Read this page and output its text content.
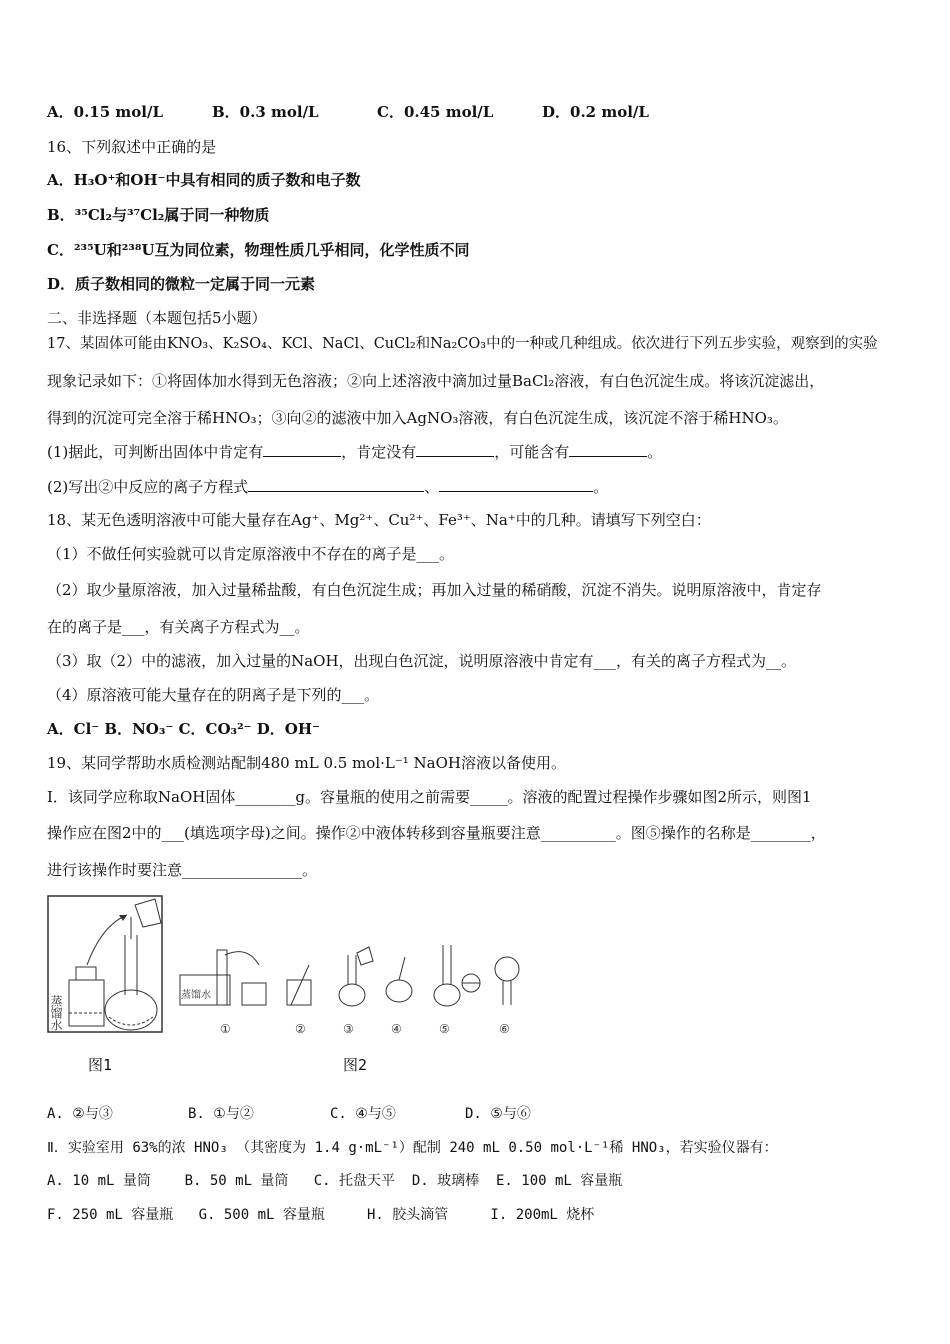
A．0.15 mol/L	B．0.3 mol/L	C．0.45 mol/L	D．0.2 mol/L
16、下列叙述中正确的是
A．H₃O⁺和OH⁻中具有相同的质子数和电子数
B．³⁵Cl₂与³⁷Cl₂属于同一种物质
C．²³⁵U和²³⁸U互为同位素，物理性质几乎相同，化学性质不同
D．质子数相同的微粒一定属于同一元素
二、非选择题（本题包括5小题）
17、某固体可能由KNO₃、K₂SO₄、KCl、NaCl、CuCl₂和Na₂CO₃中的一种或几种组成。依次进行下列五步实验，观察到的实验
现象记录如下：①将固体加水得到无色溶液；②向上述溶液中滴加过量BaCl₂溶液，有白色沉淀生成。将该沉淀滤出，
得到的沉淀可完全溶于稀HNO₃；③向②的滤液中加入AgNO₃溶液，有白色沉淀生成，该沉淀不溶于稀HNO₃。
(1)据此，可判断出固体中肯定有	，肯定没有	，可能含有	。
(2)写出②中反应的离子方程式	、	。
18、某无色透明溶液中可能大量存在Ag⁺、Mg²⁺、Cu²⁺、Fe³⁺、Na⁺中的几种。请填写下列空白：
（1）不做任何实验就可以肯定原溶液中不存在的离子是___。
（2）取少量原溶液，加入过量稀盐酸，有白色沉淀生成；再加入过量的稀硝酸，沉淀不消失。说明原溶液中，肯定存
在的离子是___，有关离子方程式为__。
（3）取（2）中的滤液，加入过量的NaOH，出现白色沉淀，说明原溶液中肯定有___，有关的离子方程式为__。
（4）原溶液可能大量存在的阴离子是下列的___。
A．Cl⁻ B．NO₃⁻ C．CO₃²⁻ D．OH⁻
19、某同学帮助水质检测站配制480 mL 0.5 mol·L⁻¹ NaOH溶液以备使用。
Ⅰ．该同学应称取NaOH固体________g。容量瓶的使用之前需要_____。溶液的配置过程操作步骤如图2所示，则图1
操作应在图2中的___(填选项字母)之间。操作②中液体转移到容量瓶要注意__________。图⑤操作的名称是________，
进行该操作时要注意________________。
蒸馏水	蒸馏水
①	②	③	④	⑤	⑥
图1	图2
A. ②与③	B. ①与②	C. ④与⑤	D. ⑤与⑥
Ⅱ．实验室用 63%的浓 HNO₃ （其密度为 1.4 g·mL⁻¹）配制 240 mL 0.50 mol·L⁻¹稀 HNO₃，若实验仪器有：
A. 10 mL 量筒    B. 50 mL 量筒   C. 托盘天平  D. 玻璃棒  E. 100 mL 容量瓶
F. 250 mL 容量瓶   G. 500 mL 容量瓶     H. 胶头滴管     I. 200mL 烧杯
